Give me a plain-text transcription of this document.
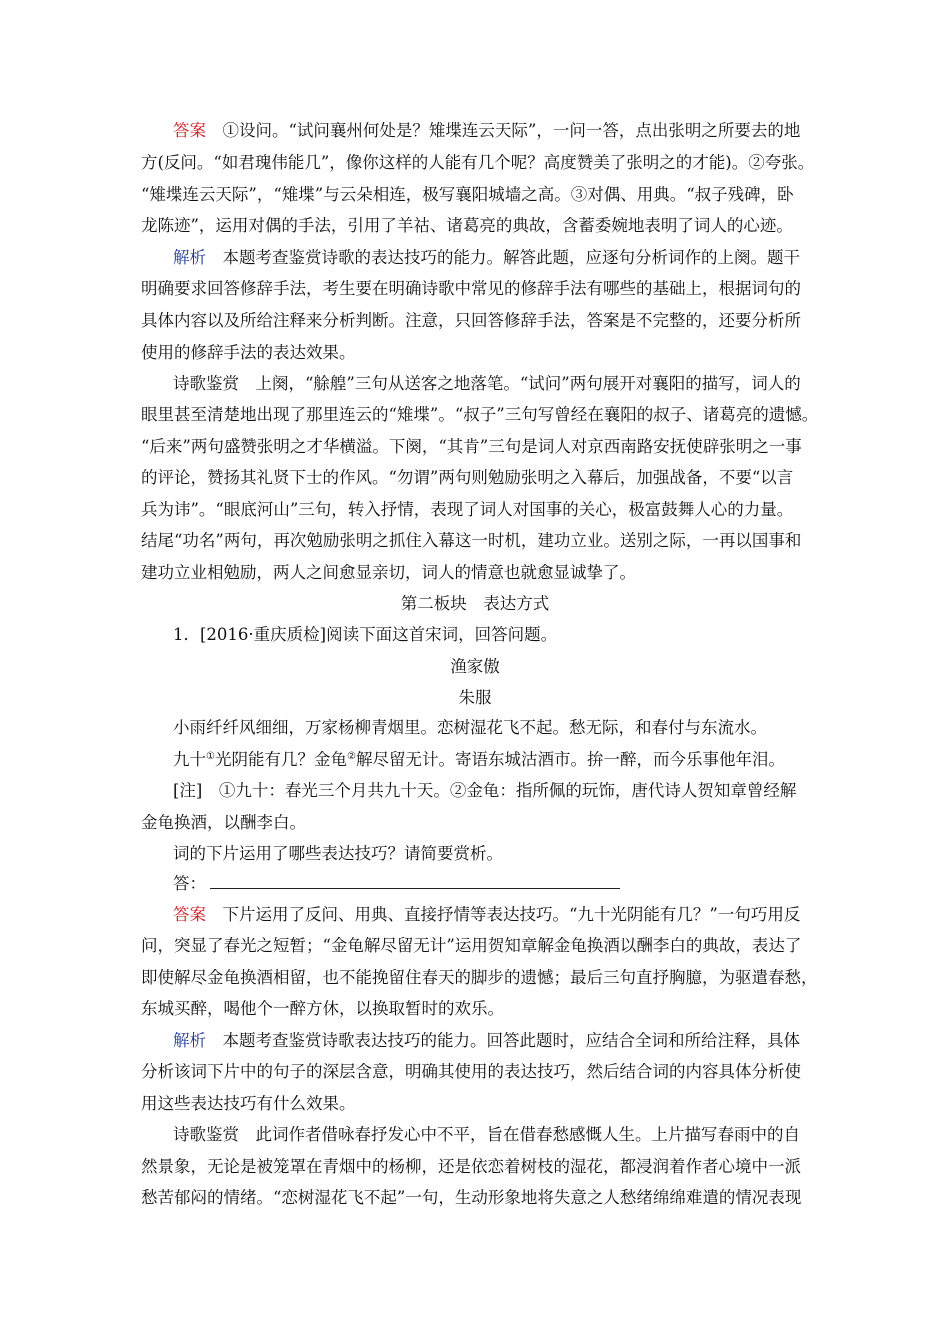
答案　 ①设问。“试问襄州何处是？雉堞连云天际”，一问一答，点出张明之所要去的地
方(反问。“如君瑰伟能几”，像你这样的人能有几个呢？高度赞美了张明之的才能)。②夸张。
“雉堞连云天际”，“雉堞”与云朵相连，极写襄阳城墙之高。③对偶、用典。“叔子残碑，卧
龙陈迹”，运用对偶的手法，引用了羊祜、诸葛亮的典故，含蓄委婉地表明了词人的心迹。
解析　 本题考查鉴赏诗歌的表达技巧的能力。解答此题，应逐句分析词作的上阕。题干
明确要求回答修辞手法，考生要在明确诗歌中常见的修辞手法有哪些的基础上，根据词句的
具体内容以及所给注释来分析判断。注意，只回答修辞手法，答案是不完整的，还要分析所
使用的修辞手法的表达效果。
诗歌鉴赏　 上阕，“艅艎”三句从送客之地落笔。“试问”两句展开对襄阳的描写，词人的
眼里甚至清楚地出现了那里连云的“雉堞”。“叔子”三句写曾经在襄阳的叔子、诸葛亮的遗憾。
“后来”两句盛赞张明之才华横溢。下阕，“其肯”三句是词人对京西南路安抚使辟张明之一事
的评论，赞扬其礼贤下士的作风。“勿谓”两句则勉励张明之入幕后，加强战备，不要“以言
兵为讳”。“眼底河山”三句，转入抒情，表现了词人对国事的关心，极富鼓舞人心的力量。
结尾“功名”两句，再次勉励张明之抓住入幕这一时机，建功立业。送别之际，一再以国事和
建功立业相勉励，两人之间愈显亲切，词人的情意也就愈显诚挚了。
第二板块　表达方式
1．[2016·重庆质检]阅读下面这首宋词，回答问题。
渔家傲
朱服
小雨纤纤风细细，万家杨柳青烟里。恋树湿花飞不起。愁无际，和春付与东流水。
九十①光阴能有几？金龟②解尽留无计。寄语东城沽酒市。拚一醉，而今乐事他年泪。
[注]　①九十：春光三个月共九十天。②金龟：指所佩的玩饰，唐代诗人贺知章曾经解
金龟换酒，以酬李白。
词的下片运用了哪些表达技巧？请简要赏析。
答：
答案　 下片运用了反问、用典、直接抒情等表达技巧。“九十光阴能有几？”一句巧用反
问，突显了春光之短暂；“金龟解尽留无计”运用贺知章解金龟换酒以酬李白的典故，表达了
即使解尽金龟换酒相留，也不能挽留住春天的脚步的遗憾；最后三句直抒胸臆，为驱遣春愁，
东城买醉，喝他个一醉方休，以换取暂时的欢乐。
解析　 本题考查鉴赏诗歌表达技巧的能力。回答此题时，应结合全词和所给注释，具体
分析该词下片中的句子的深层含意，明确其使用的表达技巧，然后结合词的内容具体分析使
用这些表达技巧有什么效果。
诗歌鉴赏　 此词作者借咏春抒发心中不平，旨在借春愁感慨人生。上片描写春雨中的自
然景象，无论是被笼罩在青烟中的杨柳，还是依恋着树枝的湿花，都浸润着作者心境中一派
愁苦郁闷的情绪。“恋树湿花飞不起”一句，生动形象地将失意之人愁绪绵绵难遣的情况表现
